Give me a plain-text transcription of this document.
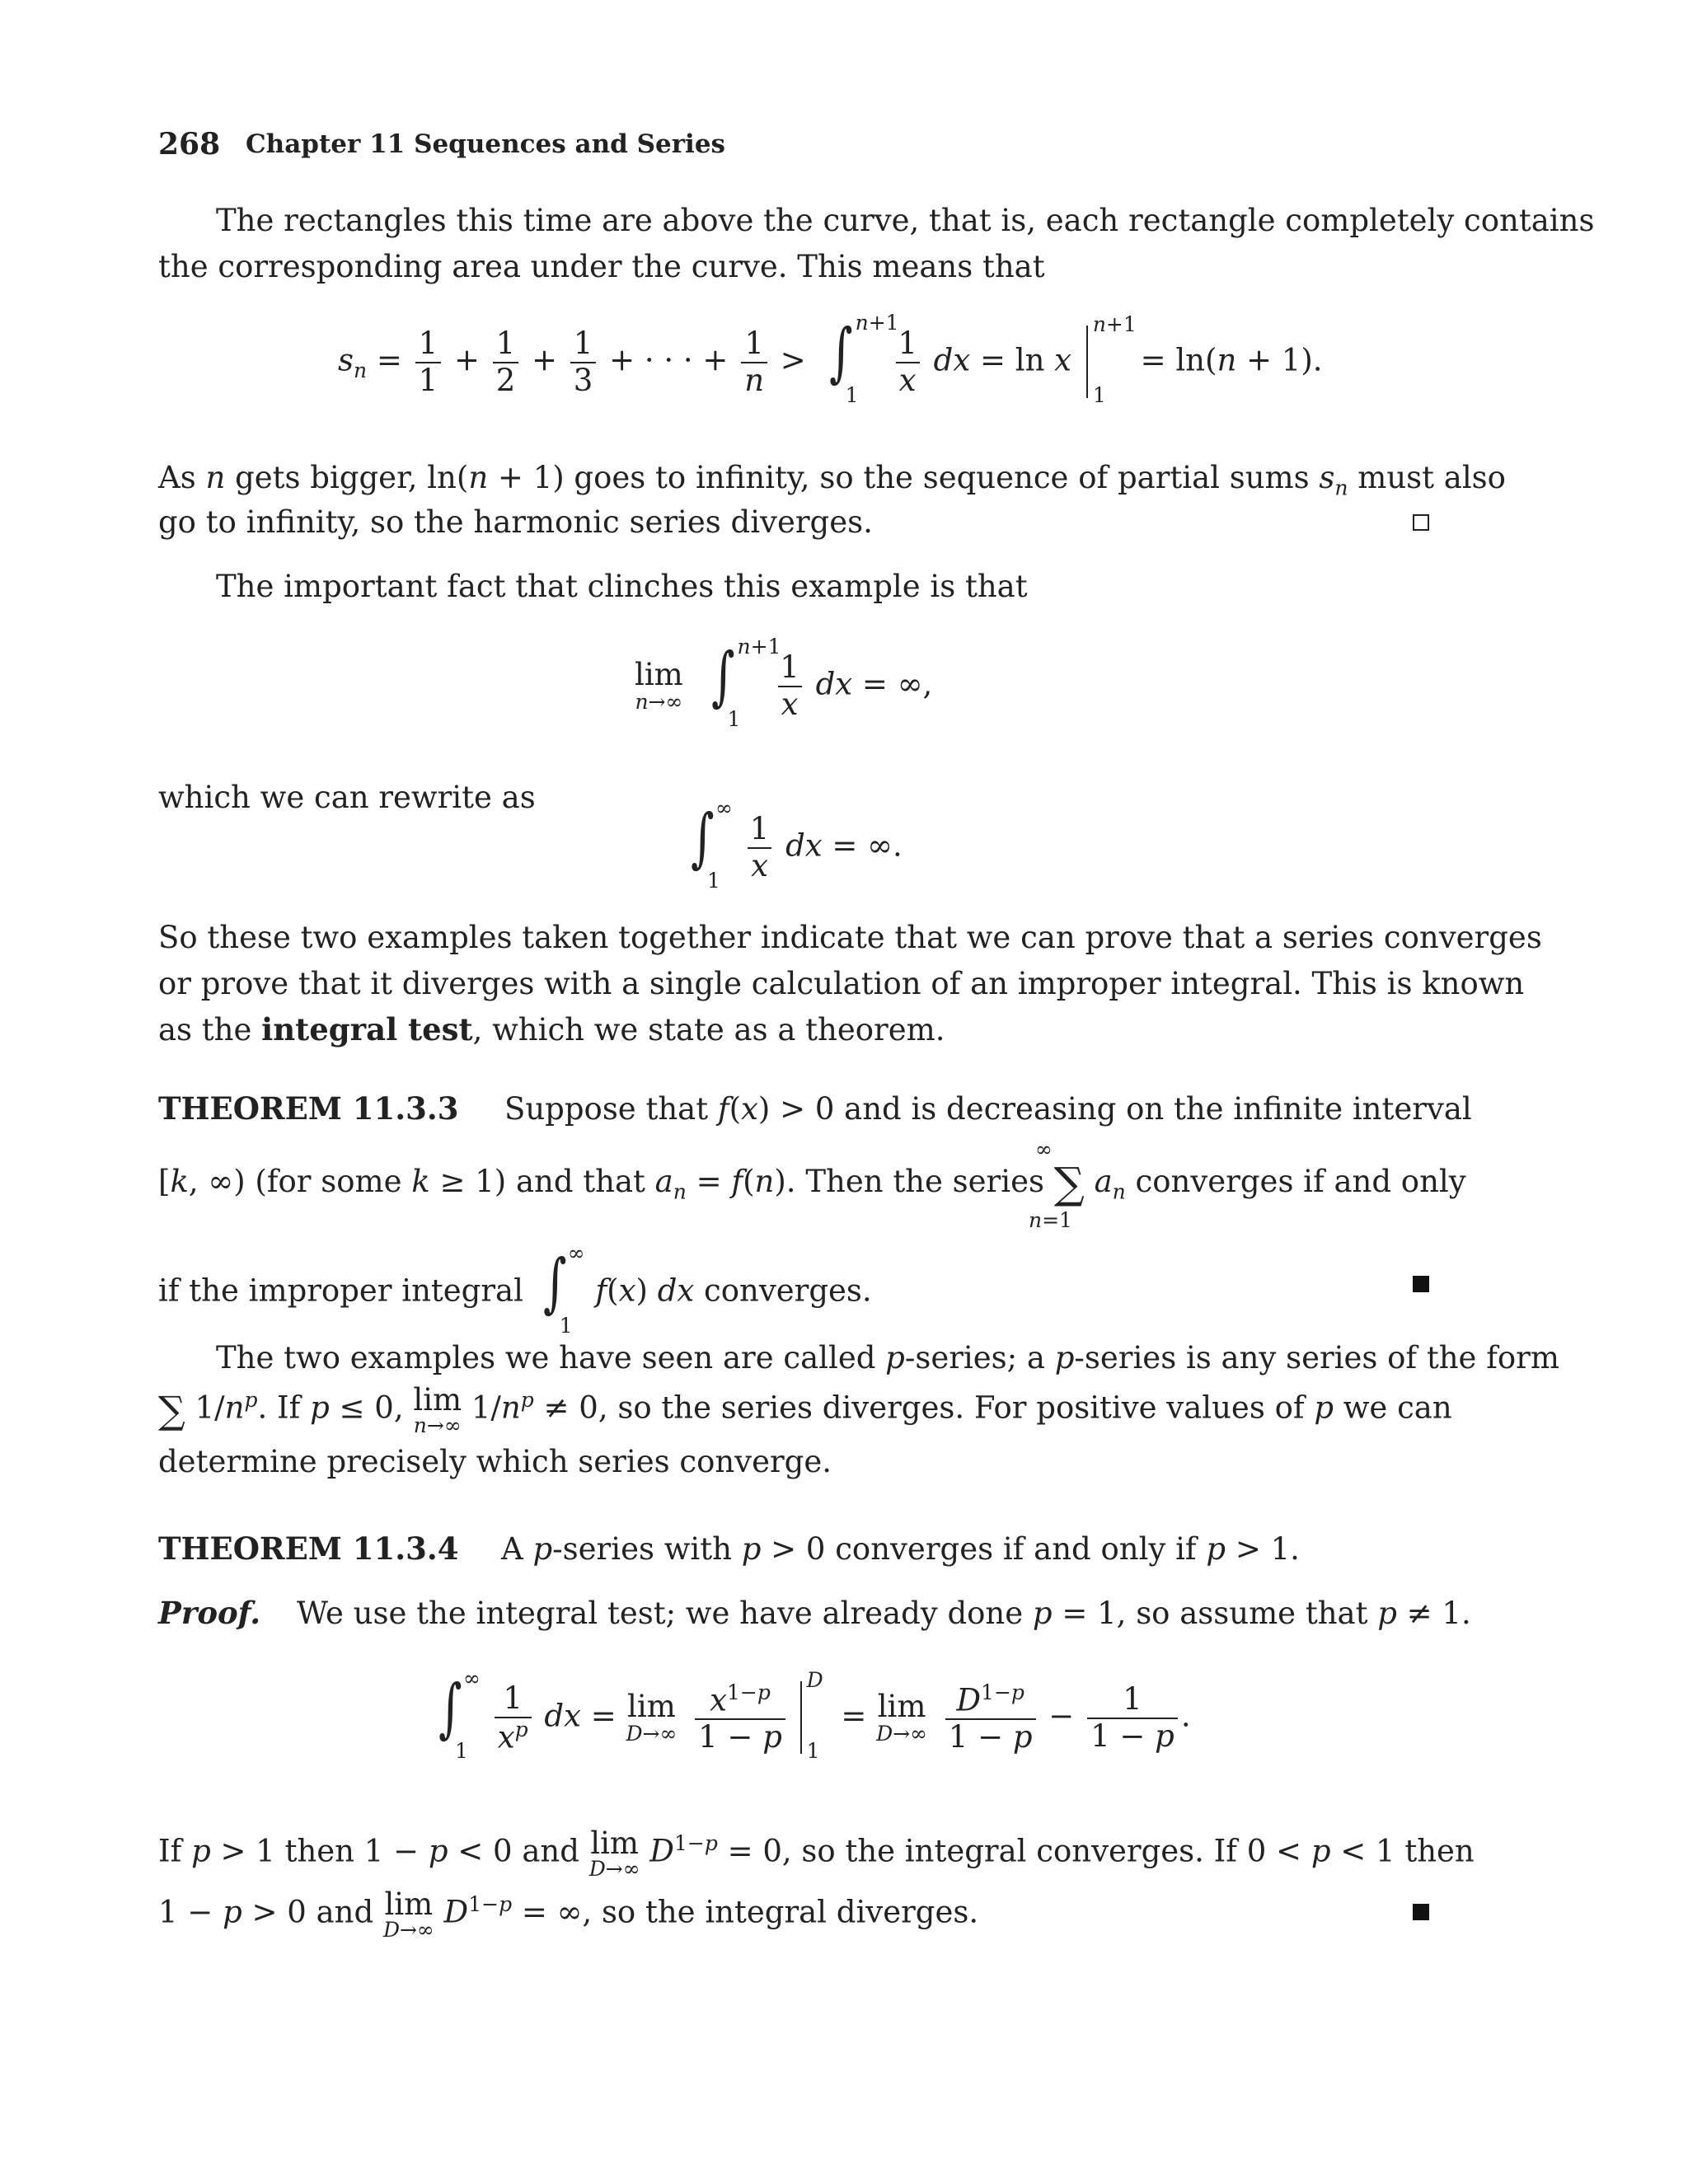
268 Chapter 11 Sequences and Series
The rectangles this time are above the curve, that is, each rectangle completely contains
the corresponding area under the curve. This means that
$s_n = \frac{1}{1} + \frac{1}{2} + \frac{1}{3}$ + · · · + $\frac{1}{n}$ > ∫ n+1
1
$\frac{1}{x}$ dx = ln x
n+1
1
= ln(n + 1).
As n gets bigger, ln(n + 1) goes to infinity, so the sequence of partial sums $s_n$ must also
go to infinity, so the harmonic series diverges.
The important fact that clinches this example is that
lim
n→∞
∫ n+1
1
$\frac{1}{x}$ dx = ∞,
which we can rewrite as
∫ ∞
1
$\frac{1}{x}$ dx = ∞.
So these two examples taken together indicate that we can prove that a series converges
or prove that it diverges with a single calculation of an improper integral. This is known
as the integral test, which we state as a theorem.
THEOREM 11.3.3 Suppose that f(x) > 0 and is decreasing on the infinite interval
[k, ∞) (for some k ≥ 1) and that $a_n = f(n)$. Then the series ∑ $a_n$ converges if and only
∞
n=1
if the improper integral ∫ ∞
1
f(x) dx converges.
The two examples we have seen are called p-series; a p-series is any series of the form
∑ $1/n^p$. If p ≤ 0, lim
n→∞
$1/n^p \ne 0$, so the series diverges. For positive values of p we can
determine precisely which series converge.
THEOREM 11.3.4 A p-series with p > 0 converges if and only if p > 1.
Proof. We use the integral test; we have already done p = 1, so assume that p ≠ 1.
∫ ∞
1
$\frac{1}{x^p}$ dx = lim
D→∞
$\frac{x^{1-p}}{1 - p}$

D
1
= lim
D→∞
$\frac{D^{1-p}}{1 - p} - \frac{1}{1 - p}$ .
If p > 1 then 1 − p < 0 and lim
D→∞
$D^{1-p} = 0$, so the integral converges. If 0 < p < 1 then
1 − p > 0 and lim
D→∞
$D^{1-p}$ = ∞, so the integral diverges.
